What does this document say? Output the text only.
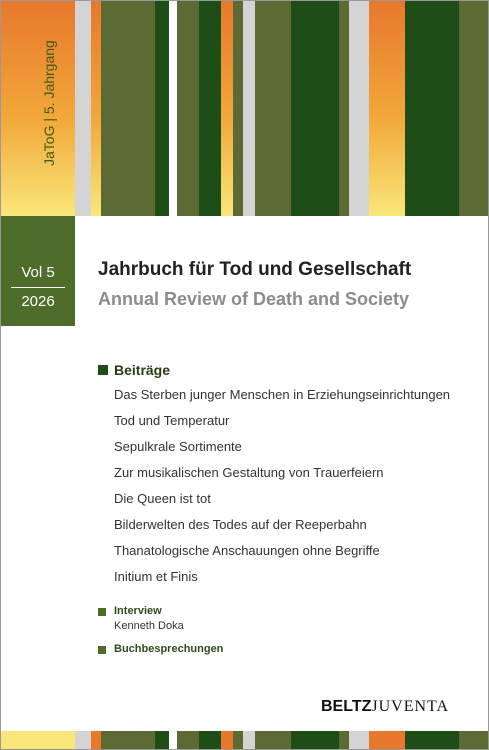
JaToG | 5. Jahrgang
Vol 5
2026
Jahrbuch für Tod und Gesellschaft
Annual Review of Death and Society
Beiträge
Das Sterben junger Menschen in Erziehungseinrichtungen
Tod und Temperatur
Sepulkrale Sortimente
Zur musikalischen Gestaltung von Trauerfeiern
Die Queen ist tot
Bilderwelten des Todes auf der Reeperbahn
Thanatologische Anschauungen ohne Begriffe
Initium et Finis
Interview
Kenneth Doka
Buchbesprechungen
BELTZJUVENTA
